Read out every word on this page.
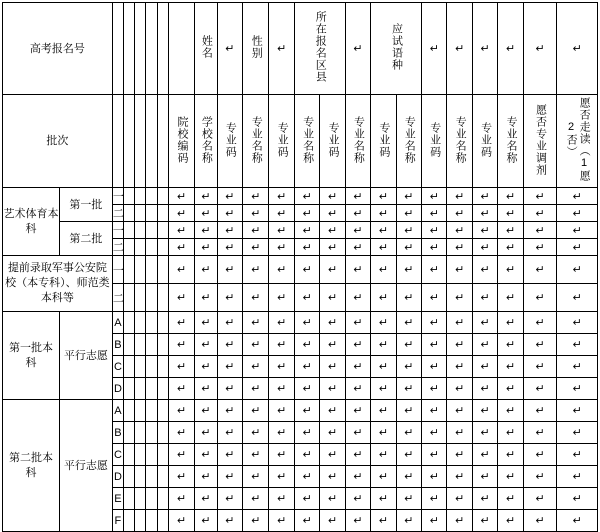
高考报名号								姓名	↵	性别	↵	所在报名区县		↵	应试语种		↵	↵	↵	↵	↵	↵
批次							院校编码	学校名称	专业码	专业名称	专业码	专业名称	专业码	专业名称	专业码	专业名称	专业码	专业名称	专业码	专业名称	愿否专业调剂	愿否走读（1愿2否）
艺术体育本科	第一批	一					↵	↵	↵	↵	↵	↵	↵	↵	↵	↵	↵	↵	↵	↵	↵	↵
		二					↵	↵	↵	↵	↵	↵	↵	↵	↵	↵	↵	↵	↵	↵	↵	↵
	第二批	一					↵	↵	↵	↵	↵	↵	↵	↵	↵	↵	↵	↵	↵	↵	↵	↵
		二					↵	↵	↵	↵	↵	↵	↵	↵	↵	↵	↵	↵	↵	↵	↵	↵
提前录取军事公安院校（本专科）、师范类本科等		一					↵	↵	↵	↵	↵	↵	↵	↵	↵	↵	↵	↵	↵	↵	↵	↵
		二					↵	↵	↵	↵	↵	↵	↵	↵	↵	↵	↵	↵	↵	↵	↵	↵
第一批本 科	平行志愿	A					↵	↵	↵	↵	↵	↵	↵	↵	↵	↵	↵	↵	↵	↵	↵	↵
		B					↵	↵	↵	↵	↵	↵	↵	↵	↵	↵	↵	↵	↵	↵	↵	↵
		C					↵	↵	↵	↵	↵	↵	↵	↵	↵	↵	↵	↵	↵	↵	↵	↵
		D					↵	↵	↵	↵	↵	↵	↵	↵	↵	↵	↵	↵	↵	↵	↵	↵
第二批本 科	平行志愿	A					↵	↵	↵	↵	↵	↵	↵	↵	↵	↵	↵	↵	↵	↵	↵	↵
		B					↵	↵	↵	↵	↵	↵	↵	↵	↵	↵	↵	↵	↵	↵	↵	↵
		C					↵	↵	↵	↵	↵	↵	↵	↵	↵	↵	↵	↵	↵	↵	↵	↵
		D					↵	↵	↵	↵	↵	↵	↵	↵	↵	↵	↵	↵	↵	↵	↵	↵
		E					↵	↵	↵	↵	↵	↵	↵	↵	↵	↵	↵	↵	↵	↵	↵	↵
		F					↵	↵	↵	↵	↵	↵	↵	↵	↵	↵	↵	↵	↵	↵	↵	↵
